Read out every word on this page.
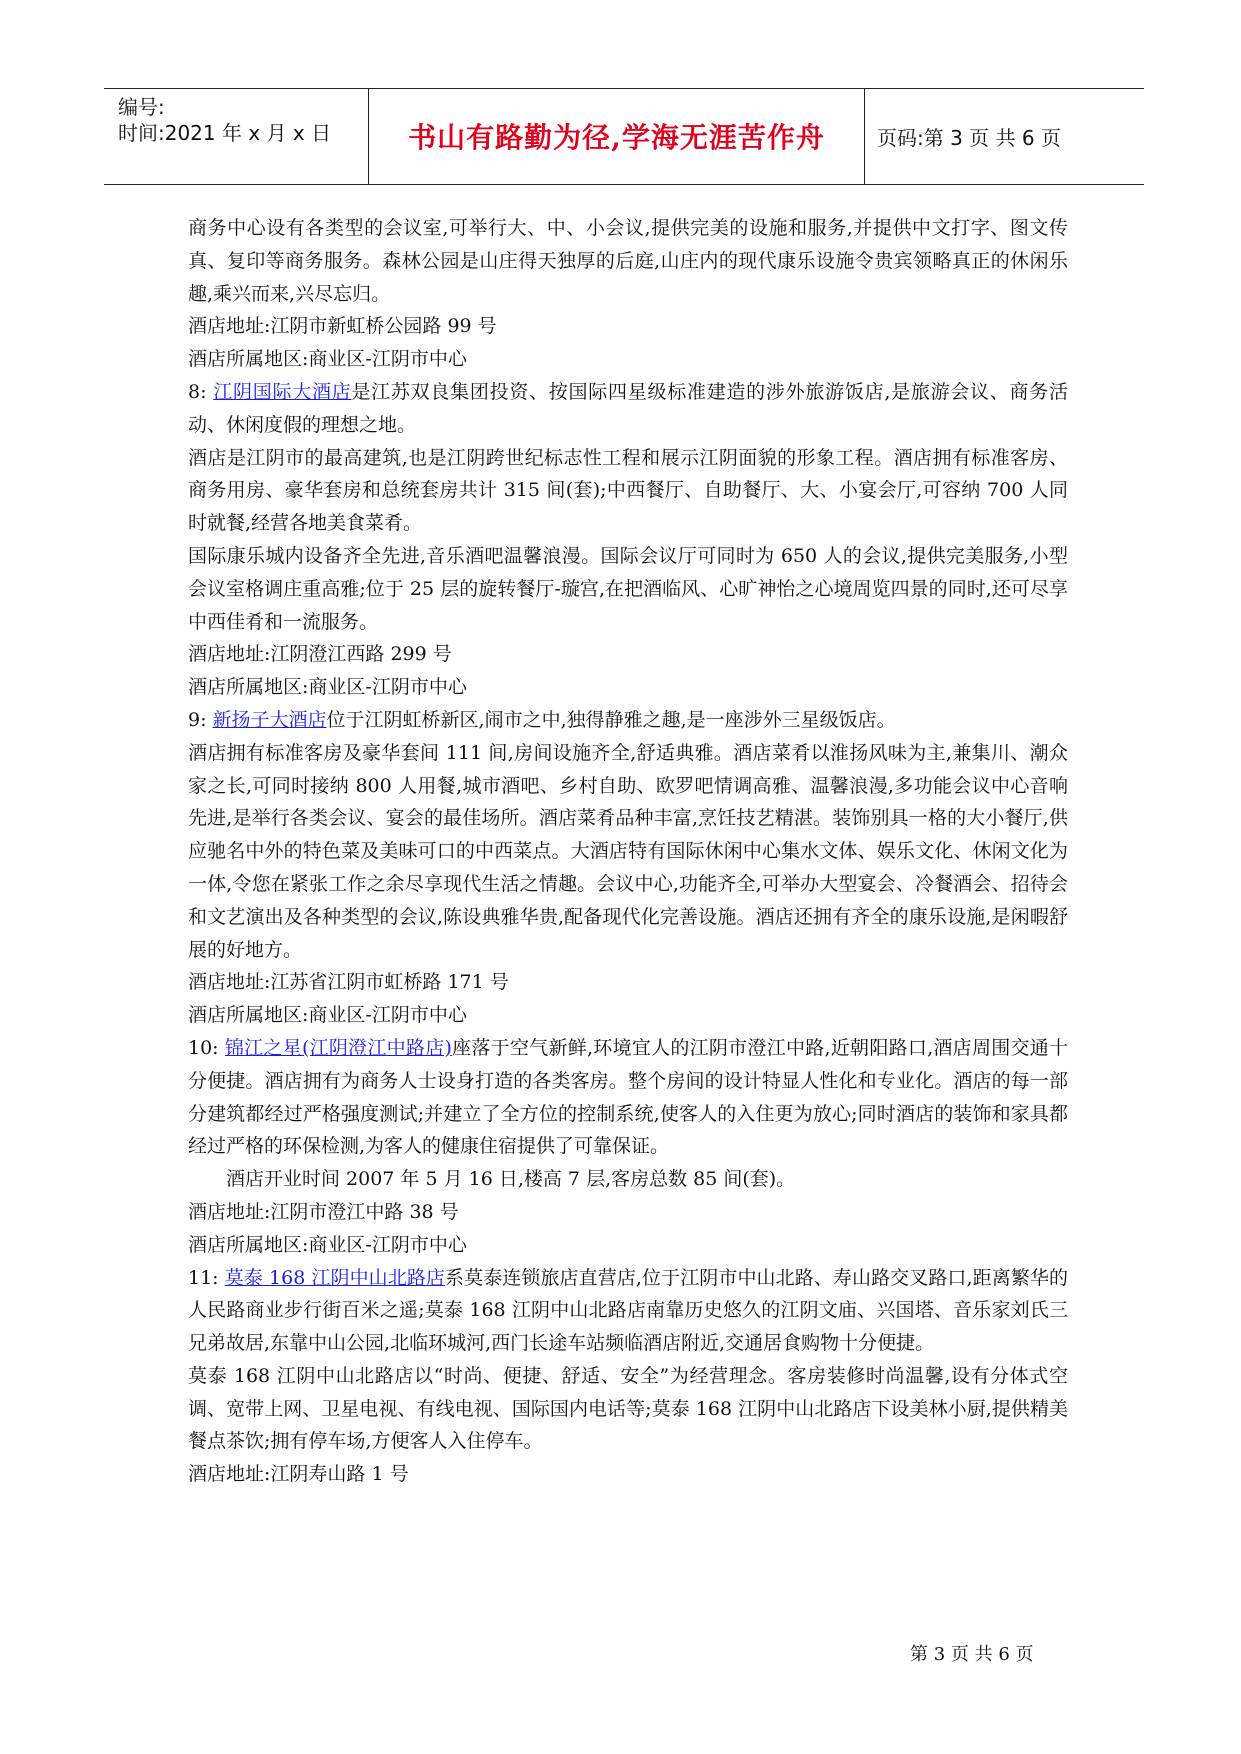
编号:
时间:2021 年 x 月 x 日	书山有路勤为径,学海无涯苦作舟	页码:第 3 页 共 6 页

商务中心设有各类型的会议室,可举行大、中、小会议,提供完美的设施和服务,并提供中文打字、图文传真、复印等商务服务。森林公园是山庄得天独厚的后庭,山庄内的现代康乐设施令贵宾领略真正的休闲乐趣,乘兴而来,兴尽忘归。

酒店地址:江阴市新虹桥公园路 99 号

酒店所属地区:商业区-江阴市中心

8: 江阴国际大酒店是江苏双良集团投资、按国际四星级标准建造的涉外旅游饭店,是旅游会议、商务活动、休闲度假的理想之地。

酒店是江阴市的最高建筑,也是江阴跨世纪标志性工程和展示江阴面貌的形象工程。酒店拥有标准客房、商务用房、豪华套房和总统套房共计 315 间(套);中西餐厅、自助餐厅、大、小宴会厅,可容纳 700 人同时就餐,经营各地美食菜肴。

国际康乐城内设备齐全先进,音乐酒吧温馨浪漫。国际会议厅可同时为 650 人的会议,提供完美服务,小型会议室格调庄重高雅;位于 25 层的旋转餐厅-璇宫,在把酒临风、心旷神怡之心境周览四景的同时,还可尽享中西佳肴和一流服务。

酒店地址:江阴澄江西路 299 号

酒店所属地区:商业区-江阴市中心

9: 新扬子大酒店位于江阴虹桥新区,闹市之中,独得静雅之趣,是一座涉外三星级饭店。

酒店拥有标准客房及豪华套间 111 间,房间设施齐全,舒适典雅。酒店菜肴以淮扬风味为主,兼集川、潮众家之长,可同时接纳 800 人用餐,城市酒吧、乡村自助、欧罗吧情调高雅、温馨浪漫,多功能会议中心音响先进,是举行各类会议、宴会的最佳场所。酒店菜肴品种丰富,烹饪技艺精湛。装饰别具一格的大小餐厅,供应驰名中外的特色菜及美味可口的中西菜点。大酒店特有国际休闲中心集水文体、娱乐文化、休闲文化为一体,令您在紧张工作之余尽享现代生活之情趣。会议中心,功能齐全,可举办大型宴会、冷餐酒会、招待会和文艺演出及各种类型的会议,陈设典雅华贵,配备现代化完善设施。酒店还拥有齐全的康乐设施,是闲暇舒展的好地方。

酒店地址:江苏省江阴市虹桥路 171 号

酒店所属地区:商业区-江阴市中心

10: 锦江之星(江阴澄江中路店)座落于空气新鲜,环境宜人的江阴市澄江中路,近朝阳路口,酒店周围交通十分便捷。酒店拥有为商务人士设身打造的各类客房。整个房间的设计特显人性化和专业化。酒店的每一部分建筑都经过严格强度测试;并建立了全方位的控制系统,使客人的入住更为放心;同时酒店的装饰和家具都经过严格的环保检测,为客人的健康住宿提供了可靠保证。

酒店开业时间 2007 年 5 月 16 日,楼高 7 层,客房总数 85 间(套)。

酒店地址:江阴市澄江中路 38 号

酒店所属地区:商业区-江阴市中心

11: 莫泰 168 江阴中山北路店系莫泰连锁旅店直营店,位于江阴市中山北路、寿山路交叉路口,距离繁华的人民路商业步行街百米之遥;莫泰 168 江阴中山北路店南靠历史悠久的江阴文庙、兴国塔、音乐家刘氏三兄弟故居,东靠中山公园,北临环城河,西门长途车站频临酒店附近,交通居食购物十分便捷。

莫泰 168 江阴中山北路店以“时尚、便捷、舒适、安全”为经营理念。客房装修时尚温馨,设有分体式空调、宽带上网、卫星电视、有线电视、国际国内电话等;莫泰 168 江阴中山北路店下设美林小厨,提供精美餐点茶饮;拥有停车场,方便客人入住停车。

酒店地址:江阴寿山路 1 号

第 3 页 共 6 页
